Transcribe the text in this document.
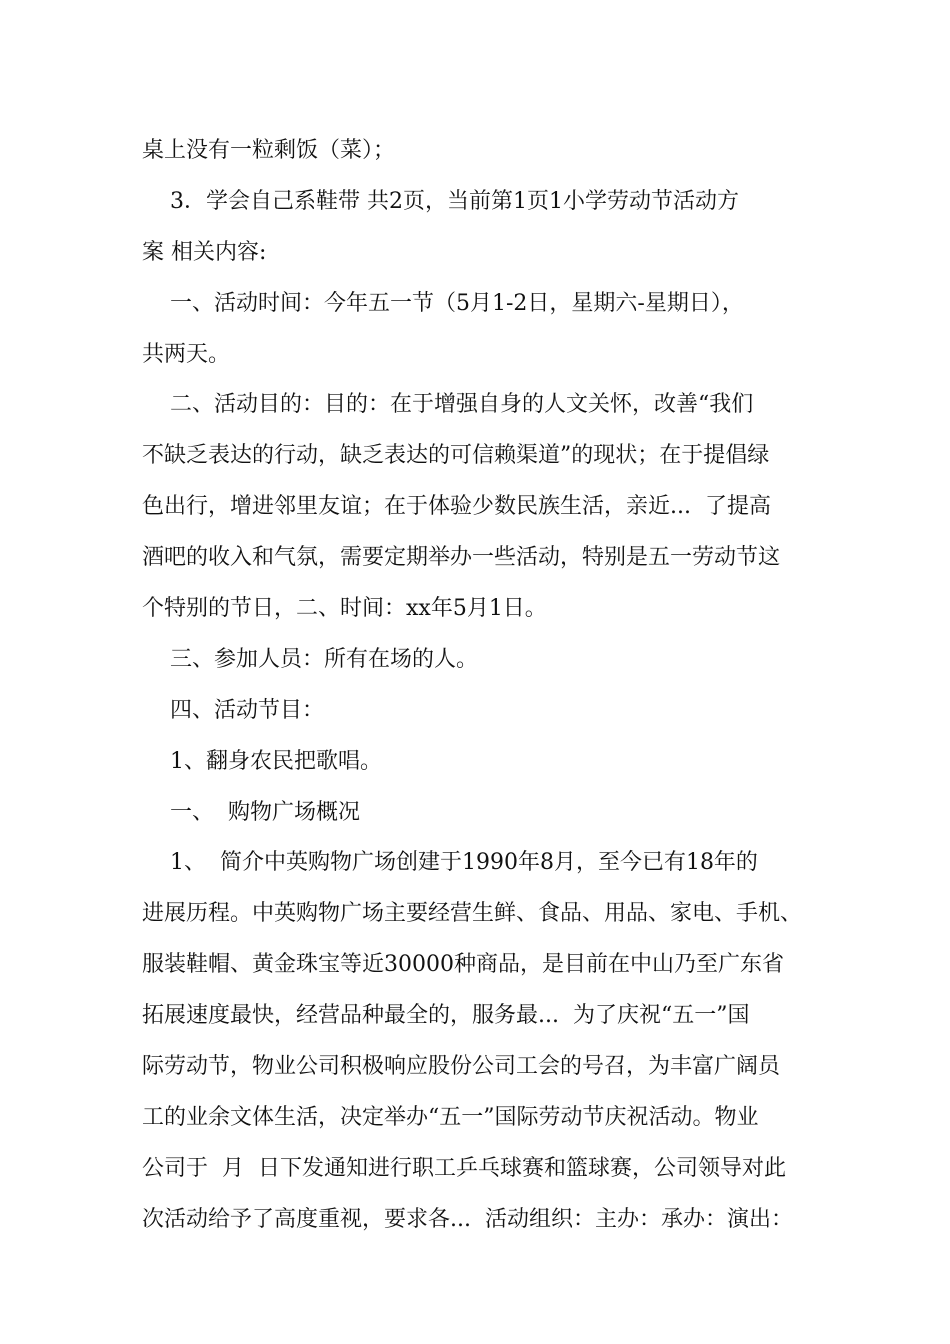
桌上没有一粒剩饭（菜）；
3．学会自己系鞋带 共2页，当前第1页1小学劳动节活动方
案 相关内容:
一、活动时间：今年五一节（5月1-2日，星期六-星期日），
共两天。
二、活动目的：目的：在于增强自身的人文关怀，改善“我们
不缺乏表达的行动，缺乏表达的可信赖渠道”的现状；在于提倡绿
色出行，增进邻里友谊；在于体验少数民族生活，亲近...  了提高
酒吧的收入和气氛，需要定期举办一些活动，特别是五一劳动节这
个特别的节日，二、时间：xx年5月1日。
三、参加人员：所有在场的人。
四、活动节目：
1、翻身农民把歌唱。
一、  购物广场概况
1、  简介中英购物广场创建于1990年8月，至今已有18年的
进展历程。中英购物广场主要经营生鲜、食品、用品、家电、手机、
服装鞋帽、黄金珠宝等近30000种商品，是目前在中山乃至广东省
拓展速度最快，经营品种最全的，服务最...  为了庆祝“五一”国
际劳动节，物业公司积极响应股份公司工会的号召，为丰富广阔员
工的业余文体生活，决定举办“五一”国际劳动节庆祝活动。物业
公司于  月  日下发通知进行职工乒乓球赛和篮球赛，公司领导对此
次活动给予了高度重视，要求各...  活动组织：主办：承办：演出：
